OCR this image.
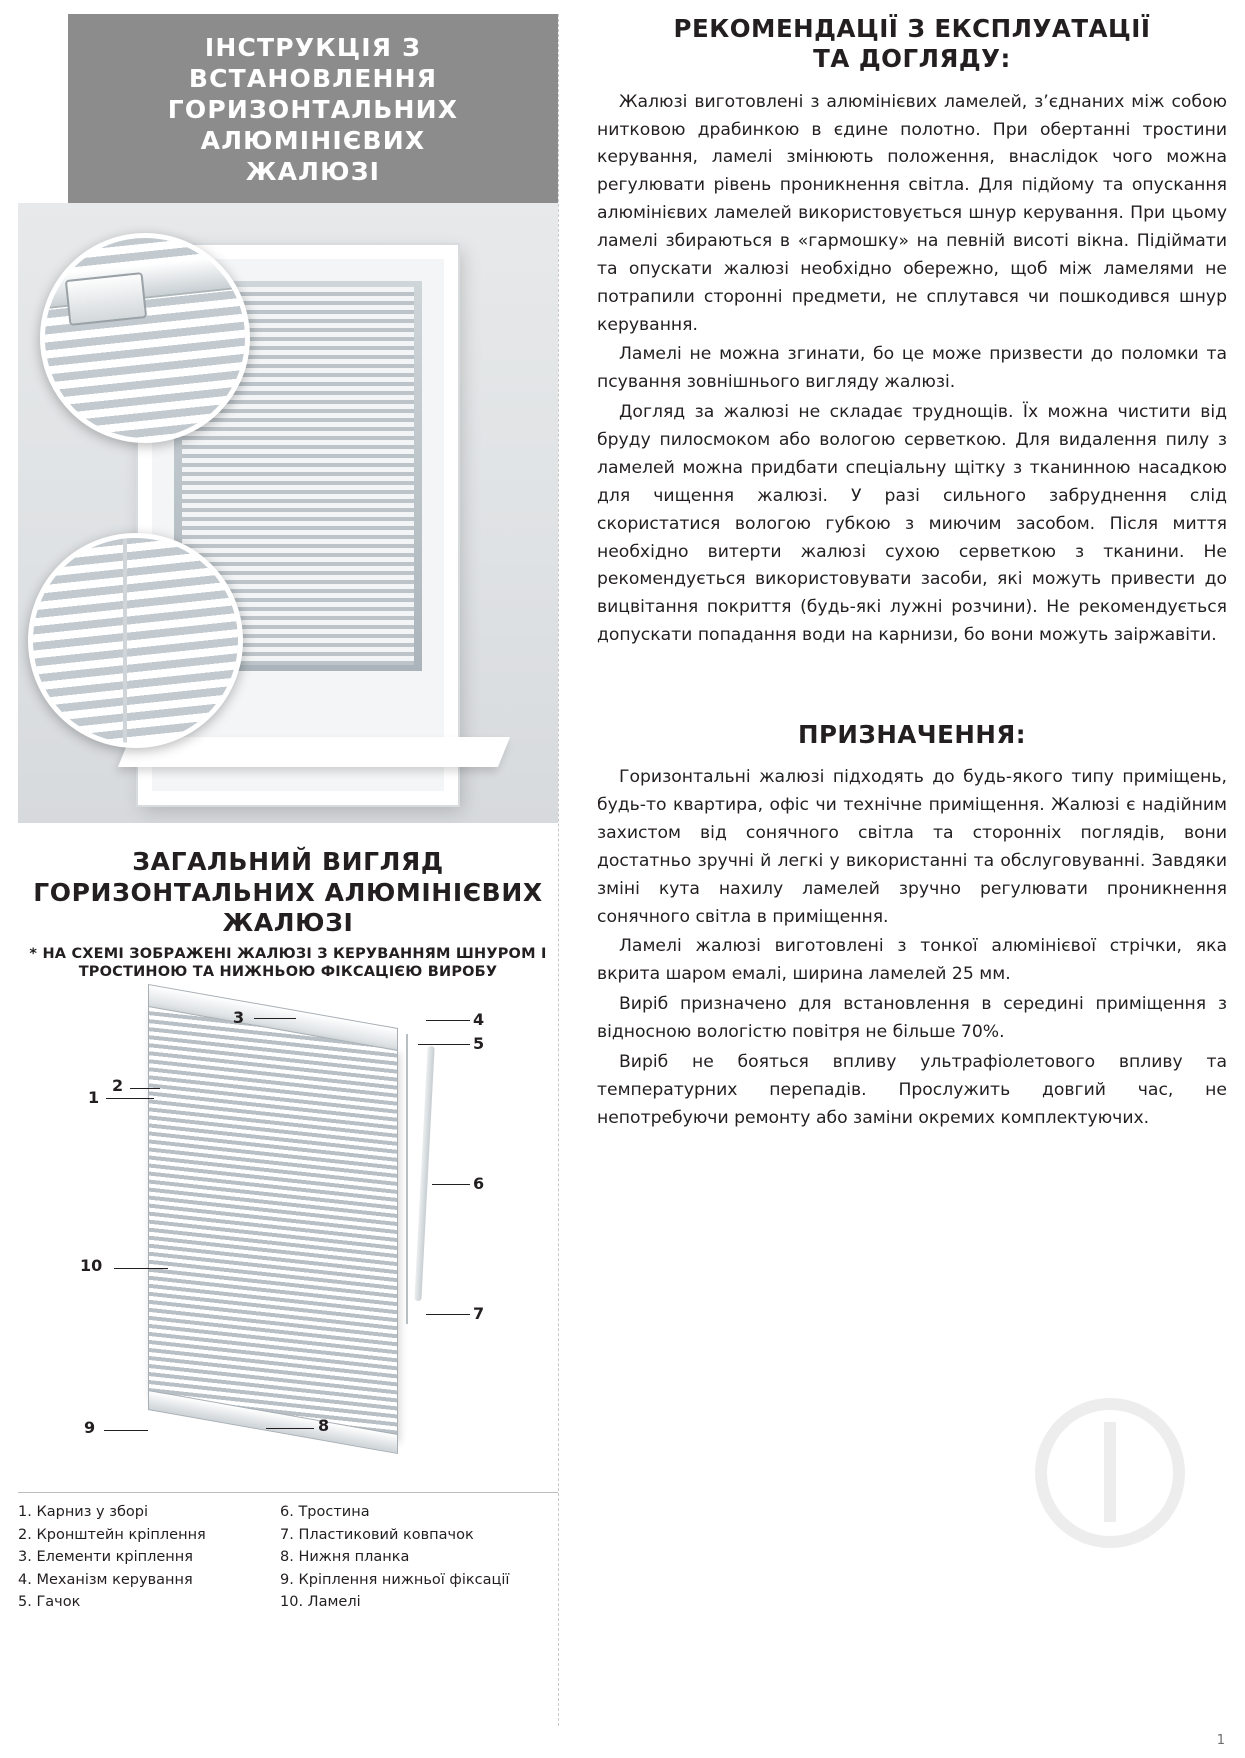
ІНСТРУКЦІЯ З ВСТАНОВЛЕННЯ
ГОРИЗОНТАЛЬНИХ АЛЮМІНІЄВИХ
ЖАЛЮЗІ
ЗАГАЛЬНИЙ ВИГЛЯД
ГОРИЗОНТАЛЬНИХ АЛЮМІНІЄВИХ
ЖАЛЮЗІ
* НА СХЕМІ ЗОБРАЖЕНІ ЖАЛЮЗІ З КЕРУВАННЯМ ШНУРОМ І
ТРОСТИНОЮ ТА НИЖНЬОЮ ФІКСАЦІЄЮ ВИРОБУ
3	4
5
1
2
6
7
10
9	8
1. Карниз у зборі
2. Кронштейн кріплення
3. Елементи кріплення
4. Механізм керування
5. Гачок
6. Тростина
7. Пластиковий ковпачок
8. Нижня планка
9. Кріплення нижньої фіксації
10. Ламелі
РЕКОМЕНДАЦІЇ З ЕКСПЛУАТАЦІЇ
ТА ДОГЛЯДУ:

Жалюзі виготовлені з алюмінієвих ламелей, з’єднаних між собою нитковою драбинкою в єдине полотно. При обертанні тростини керування, ламелі змінюють положення, внаслідок чого можна регулювати рівень проникнення світла. Для підйому та опускання алюмінієвих ламелей використовується шнур керування. При цьому ламелі збираються в «гармошку» на певній висоті вікна. Підіймати та опускати жалюзі необхідно обережно, щоб між ламелями не потрапили сторонні предмети, не сплутався чи пошкодився шнур керування.

Ламелі не можна згинати, бо це може призвести до поломки та псування зовнішнього вигляду жалюзі.

Догляд за жалюзі не складає труднощів. Їх можна чистити від бруду пилосмоком або вологою серветкою. Для видалення пилу з ламелей можна придбати спеціальну щітку з тканинною насадкою для чищення жалюзі. У разі сильного забруднення слід скористатися вологою губкою з миючим засобом. Після миття необхідно витерти жалюзі сухою серветкою з тканини. Не рекомендується використовувати засоби, які можуть привести до вицвітання покриття (будь-які лужні розчини). Не рекомендується допускати попадання води на карнизи, бо вони можуть заіржавіти.

ПРИЗНАЧЕННЯ:

Горизонтальні жалюзі підходять до будь-якого типу приміщень, будь-то квартира, офіс чи технічне приміщення. Жалюзі є надійним захистом від сонячного світла та сторонніх поглядів, вони достатньо зручні й легкі у використанні та обслуговуванні. Завдяки зміні кута нахилу ламелей зручно регулювати проникнення сонячного світла в приміщення.

Ламелі жалюзі виготовлені з тонкої алюмінієвої стрічки, яка вкрита шаром емалі, ширина ламелей 25 мм.

Виріб призначено для встановлення в середині приміщення з відносною вологістю повітря не більше 70%.

Виріб не бояться впливу ультрафіолетового впливу та температурних перепадів. Прослужить довгий час, не непотребуючи ремонту або заміни окремих комплектуючих.

1
